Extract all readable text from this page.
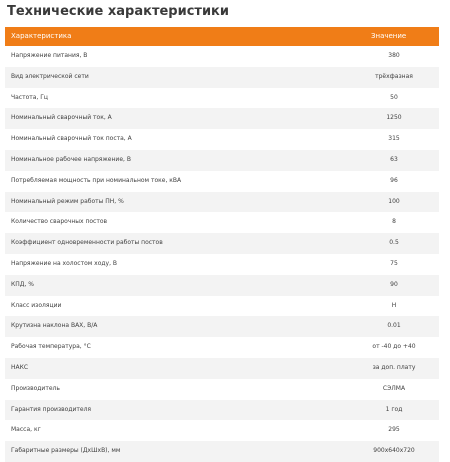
Технические характеристики
Характеристика	Значение
Напряжение питания, В	380
Вид электрической сети	трёхфазная
Частота, Гц	50
Номинальный сварочный ток, А	1250
Номинальный сварочный ток поста, А	315
Номинальное рабочее напряжение, В	63
Потребляемая мощность при номинальном токе, кВА	96
Номинальный режим работы ПН, %	100
Количество сварочных постов	8
Коэффициент одновременности работы постов	0.5
Напряжение на холостом ходу, В	75
КПД, %	90
Класс изоляции	H
Крутизна наклона ВАХ, В/А	0.01
Рабочая температура, °C	от -40 до +40
НАКС	за доп. плату
Производитель	СЭЛМА
Гарантия производителя	1 год
Масса, кг	295
Габаритные размеры (ДхШхВ), мм	900х640х720
